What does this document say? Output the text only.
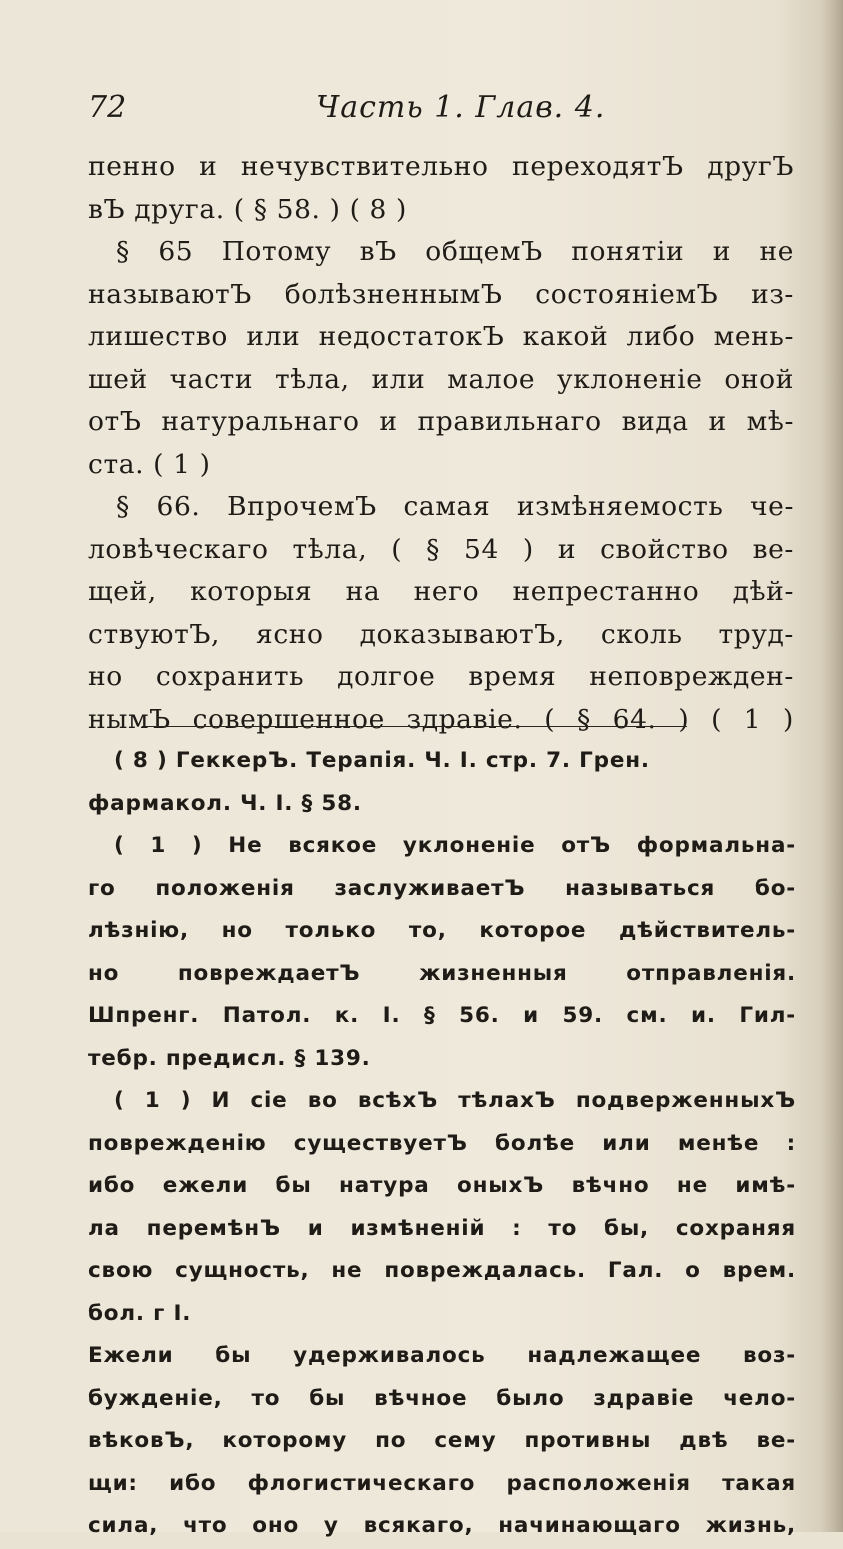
72	Часть 1. Глав. 4.
пенно и нечувствительно переходятЪ другЪ
вЪ друга. ( § 58. ) ( 8 )
§ 65 Потому вЪ общемЪ понятіи и не
называютЪ болѣзненнымЪ состояніемЪ из-
лишество или недостатокЪ какой либо мень-
шей части тѣла, или малое уклоненіе оной
отЪ натуральнаго и правильнаго вида и мѣ-
ста. ( 1 )
§ 66. ВпрочемЪ самая измѣняемость че-
ловѣческаго тѣла, ( § 54 ) и свойство ве-
щей, которыя на него непрестанно дѣй-
ствуютЪ, ясно доказываютЪ, сколь труд-
но сохранить долгое время неповрежден-
нымЪ совершенное здравіе. ( § 64. ) ( 1 )
( 8 ) ГеккерЪ. Терапія. Ч. I. стр. 7. Грен.
фармакол. Ч. I. § 58.
( 1 ) Не всякое уклоненіе отЪ формальна-
го положенія заслуживаетЪ называться бо-
лѣзнію, но только то, которое дѣйствитель-
но повреждаетЪ жизненныя отправленія.
Шпренг. Патол. к. I. § 56. и 59. см. и. Гил-
тебр. предисл. § 139.
( 1 ) И сіе во всѣхЪ тѣлахЪ подверженныхЪ
поврежденію существуетЪ болѣе или менѣе :
ибо ежели бы натура оныхЪ вѣчно не имѣ-
ла перемѣнЪ и измѣненій : то бы, сохраняя
свою сущность, не повреждалась. Гал. о врем.
бол. г I.
Ежели бы удерживалось надлежащее воз-
бужденіе, то бы вѣчное было здравіе чело-
вѣковЪ, которому по сему противны двѣ ве-
щи: ибо флогистическаго расположенія такая
сила, что оно у всякаго, начинающаго жизнь,
